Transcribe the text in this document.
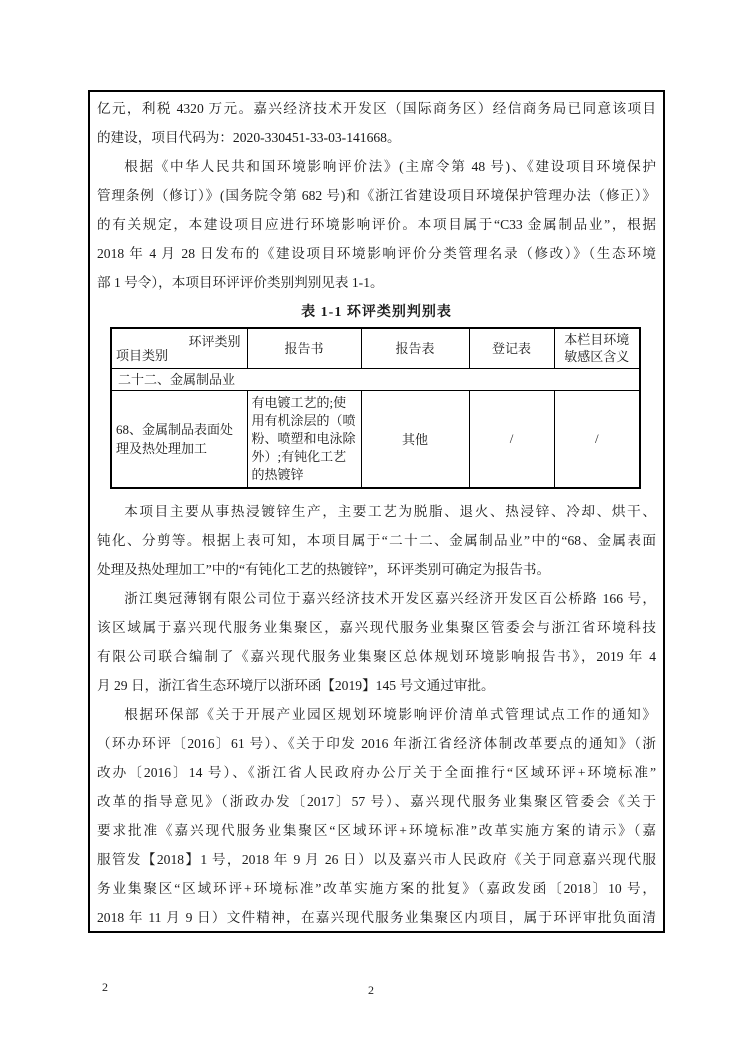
亿元，利税 4320 万元。嘉兴经济技术开发区（国际商务区）经信商务局已同意该项目
的建设，项目代码为：2020-330451-33-03-141668。
根据《中华人民共和国环境影响评价法》(主席令第 48 号)、《建设项目环境保护
管理条例（修订）》(国务院令第 682 号)和《浙江省建设项目环境保护管理办法（修正）》
的有关规定，本建设项目应进行环境影响评价。本项目属于“C33 金属制品业”，根据
2018 年 4 月 28 日发布的《建设项目环境影响评价分类管理名录（修改）》（生态环境
部 1 号令），本项目环评评价类别判别见表 1-1。
表 1-1 环评类别判别表
环评类别
项目类别	报告书	报告表	登记表	本栏目环境敏感区含义
二十二、金属制品业				
68、金属制品表面处理及热处理加工	有电镀工艺的;使用有机涂层的（喷粉、喷塑和电泳除外）;有钝化工艺的热镀锌	其他	/	/
本项目主要从事热浸镀锌生产，主要工艺为脱脂、退火、热浸锌、冷却、烘干、
钝化、分剪等。根据上表可知，本项目属于“二十二、金属制品业”中的“68、金属表面
处理及热处理加工”中的“有钝化工艺的热镀锌”，环评类别可确定为报告书。
浙江奥冠薄钢有限公司位于嘉兴经济技术开发区嘉兴经济开发区百公桥路 166 号，
该区域属于嘉兴现代服务业集聚区，嘉兴现代服务业集聚区管委会与浙江省环境科技
有限公司联合编制了《嘉兴现代服务业集聚区总体规划环境影响报告书》，2019 年 4
月 29 日，浙江省生态环境厅以浙环函【2019】145 号文通过审批。
根据环保部《关于开展产业园区规划环境影响评价清单式管理试点工作的通知》
（环办环评〔2016〕61 号）、《关于印发 2016 年浙江省经济体制改革要点的通知》（浙
改办〔2016〕14 号）、《浙江省人民政府办公厅关于全面推行“区域环评+环境标准”
改革的指导意见》（浙政办发〔2017〕57 号）、嘉兴现代服务业集聚区管委会《关于
要求批准《嘉兴现代服务业集聚区“区域环评+环境标准”改革实施方案的请示》（嘉
服管发【2018】1 号，2018 年 9 月 26 日）以及嘉兴市人民政府《关于同意嘉兴现代服
务业集聚区“区域环评+环境标准”改革实施方案的批复》（嘉政发函〔2018〕10 号，
2018 年 11 月 9 日）文件精神，在嘉兴现代服务业集聚区内项目，属于环评审批负面清
2	2
